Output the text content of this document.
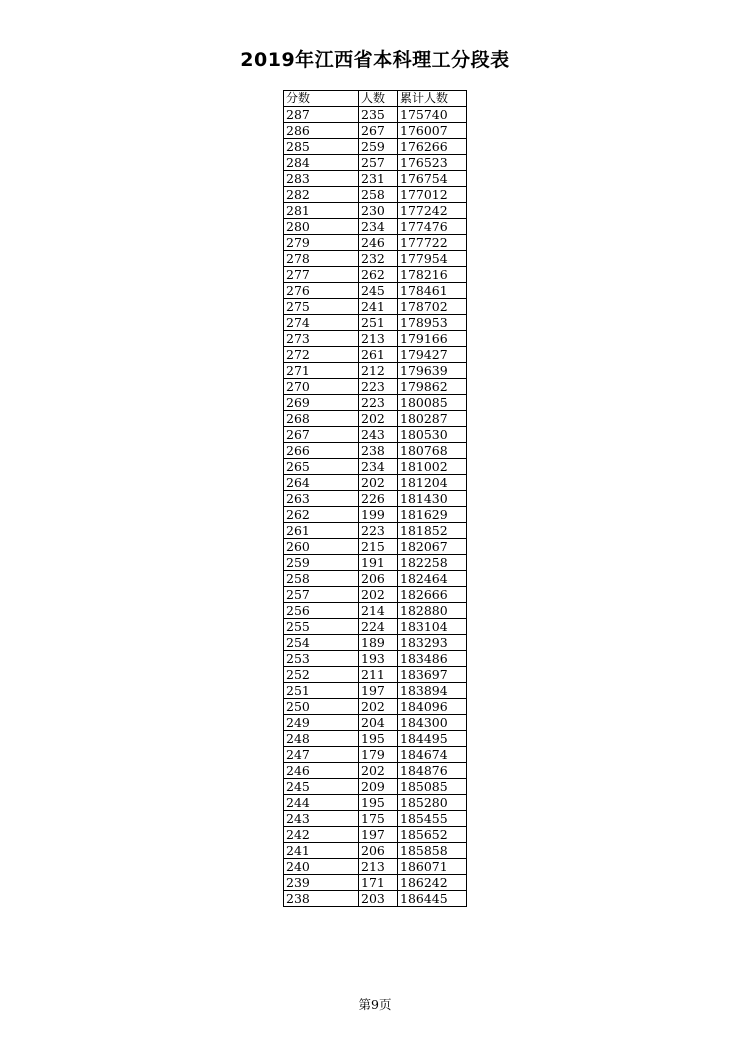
2019年江西省本科理工分段表
分数	人数	累计人数
287	235	175740
286	267	176007
285	259	176266
284	257	176523
283	231	176754
282	258	177012
281	230	177242
280	234	177476
279	246	177722
278	232	177954
277	262	178216
276	245	178461
275	241	178702
274	251	178953
273	213	179166
272	261	179427
271	212	179639
270	223	179862
269	223	180085
268	202	180287
267	243	180530
266	238	180768
265	234	181002
264	202	181204
263	226	181430
262	199	181629
261	223	181852
260	215	182067
259	191	182258
258	206	182464
257	202	182666
256	214	182880
255	224	183104
254	189	183293
253	193	183486
252	211	183697
251	197	183894
250	202	184096
249	204	184300
248	195	184495
247	179	184674
246	202	184876
245	209	185085
244	195	185280
243	175	185455
242	197	185652
241	206	185858
240	213	186071
239	171	186242
238	203	186445
第9页
